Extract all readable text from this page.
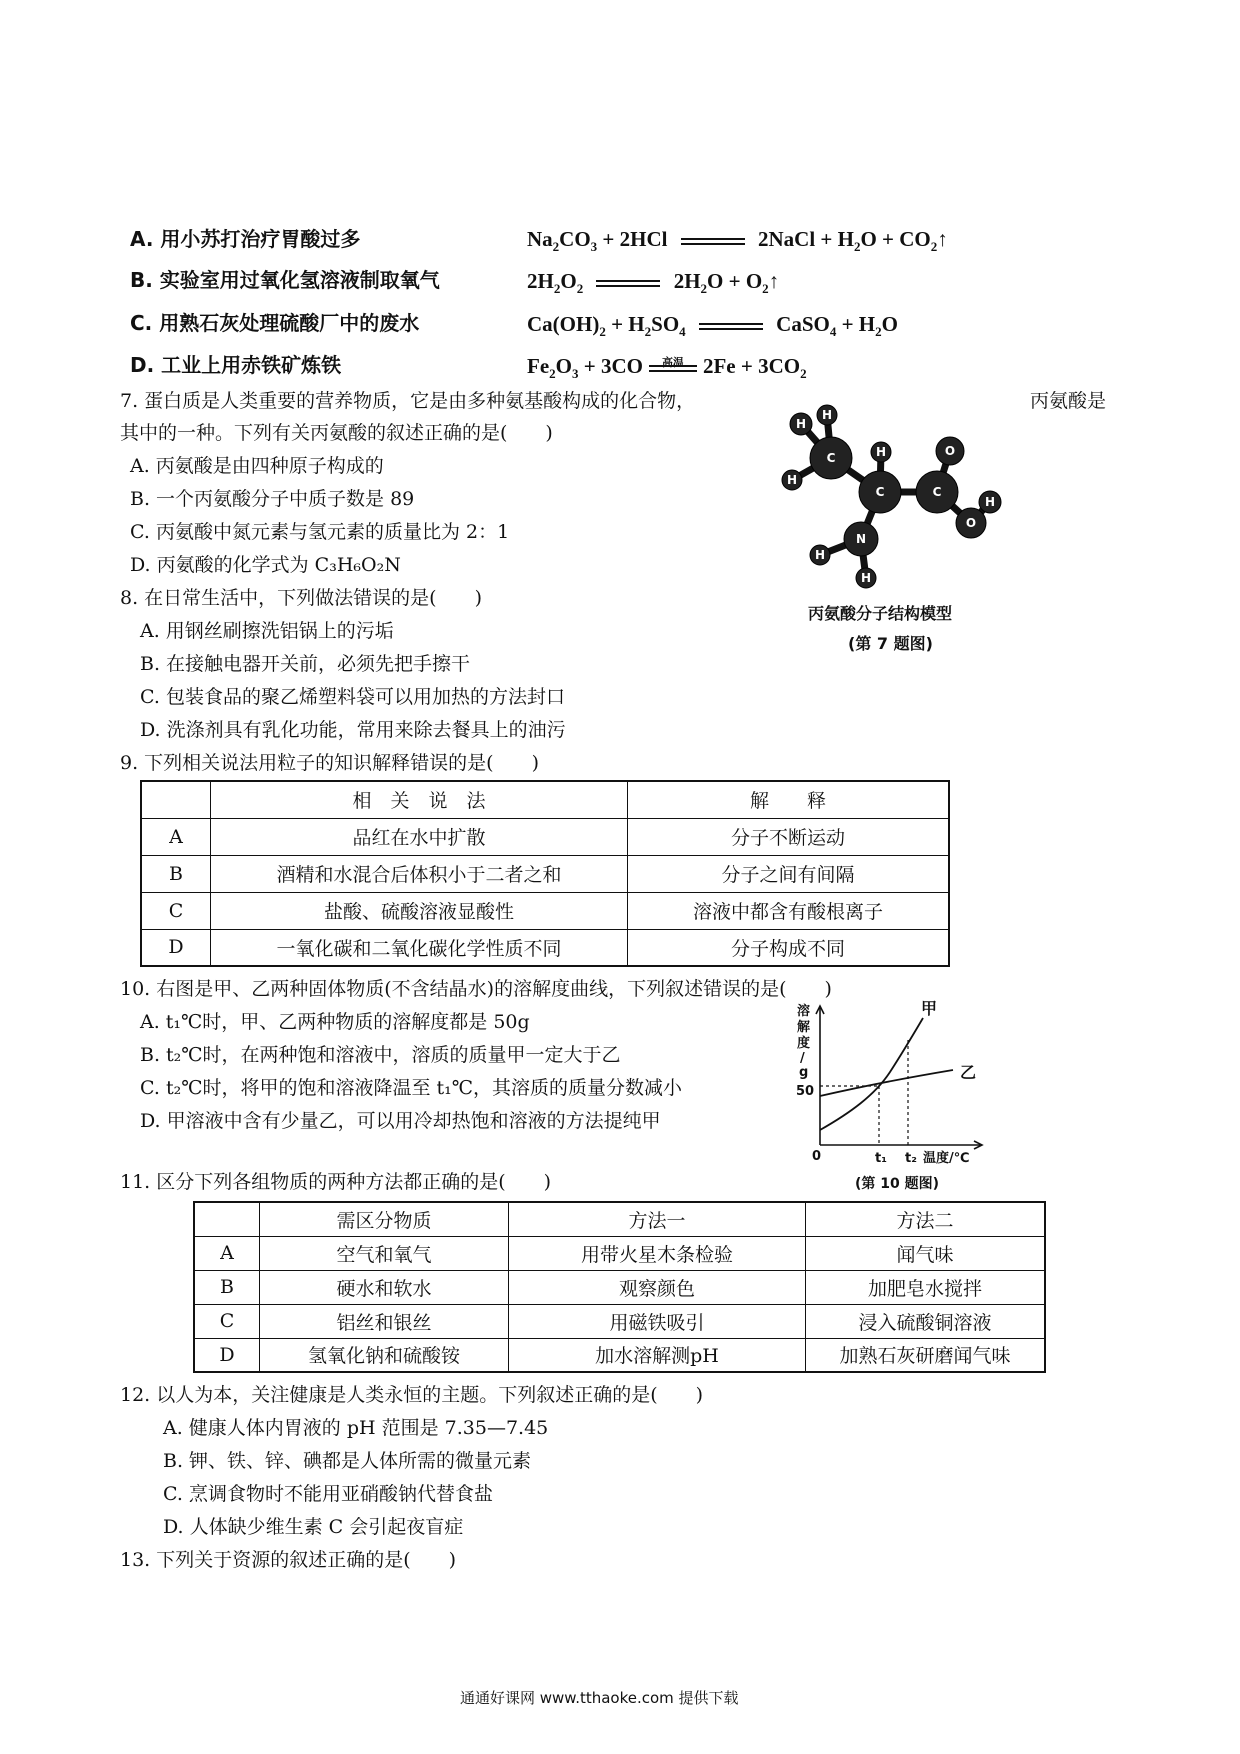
A. 用小苏打治疗胃酸过多	$Na_2CO_3 + 2HCl$	2NaCl + $H_2O$ + $CO_2↑$
B. 实验室用过氧化氢溶液制取氧气	$2H_2O_2$	$2H_2O$ + $O_2↑$
C. 用熟石灰处理硫酸厂中的废水	$Ca(OH)_2 + H_2SO_4$	CaSO$_4$ + $H_2O$
D. 工业上用赤铁矿炼铁	$Fe_2O_3 + 3CO$ 高温 $2Fe + 3CO_2$
7. 蛋白质是人类重要的营养物质，它是由多种氨基酸构成的化合物，	丙氨酸是
其中的一种。下列有关丙氨酸的叙述正确的是(　　)
A. 丙氨酸是由四种原子构成的
B. 一个丙氨酸分子中质子数是 89
C. 丙氨酸中氮元素与氢元素的质量比为 2：1
D. 丙氨酸的化学式为 C₃H₆O₂N
H
H
H
C	H
C	C
O
O
H
N
H
H
丙氨酸分子结构模型
(第 7 题图)
8. 在日常生活中，下列做法错误的是(　　)
A. 用钢丝刷擦洗铝锅上的污垢
B. 在接触电器开关前，必须先把手擦干
C. 包装食品的聚乙烯塑料袋可以用加热的方法封口
D. 洗涤剂具有乳化功能，常用来除去餐具上的油污
9. 下列相关说法用粒子的知识解释错误的是(　　)
	相　关　说　法	解　　释
A	品红在水中扩散	分子不断运动
B	酒精和水混合后体积小于二者之和	分子之间有间隔
C	盐酸、硫酸溶液显酸性	溶液中都含有酸根离子
D	一氧化碳和二氧化碳化学性质不同	分子构成不同
10. 右图是甲、乙两种固体物质(不含结晶水)的溶解度曲线，下列叙述错误的是(　　)
A. t₁℃时，甲、乙两种物质的溶解度都是 50g
B. t₂℃时，在两种饱和溶液中，溶质的质量甲一定大于乙
C. t₂℃时，将甲的饱和溶液降温至 t₁℃，其溶质的质量分数减小
D. 甲溶液中含有少量乙，可以用冷却热饱和溶液的方法提纯甲
溶
解
度
/
g
50
0	t₁ t₂ 温度/℃
甲
乙
(第 10 题图)
11. 区分下列各组物质的两种方法都正确的是(　　)
	需区分物质	方法一	方法二
A	空气和氧气	用带火星木条检验	闻气味
B	硬水和软水	观察颜色	加肥皂水搅拌
C	铝丝和银丝	用磁铁吸引	浸入硫酸铜溶液
D	氢氧化钠和硫酸铵	加水溶解测pH	加熟石灰研磨闻气味
12. 以人为本，关注健康是人类永恒的主题。下列叙述正确的是(　　)
A. 健康人体内胃液的 pH 范围是 7.35—7.45
B. 钾、铁、锌、碘都是人体所需的微量元素
C. 烹调食物时不能用亚硝酸钠代替食盐
D. 人体缺少维生素 C 会引起夜盲症
13. 下列关于资源的叙述正确的是(　　)
通通好课网 www.tthaoke.com 提供下载
